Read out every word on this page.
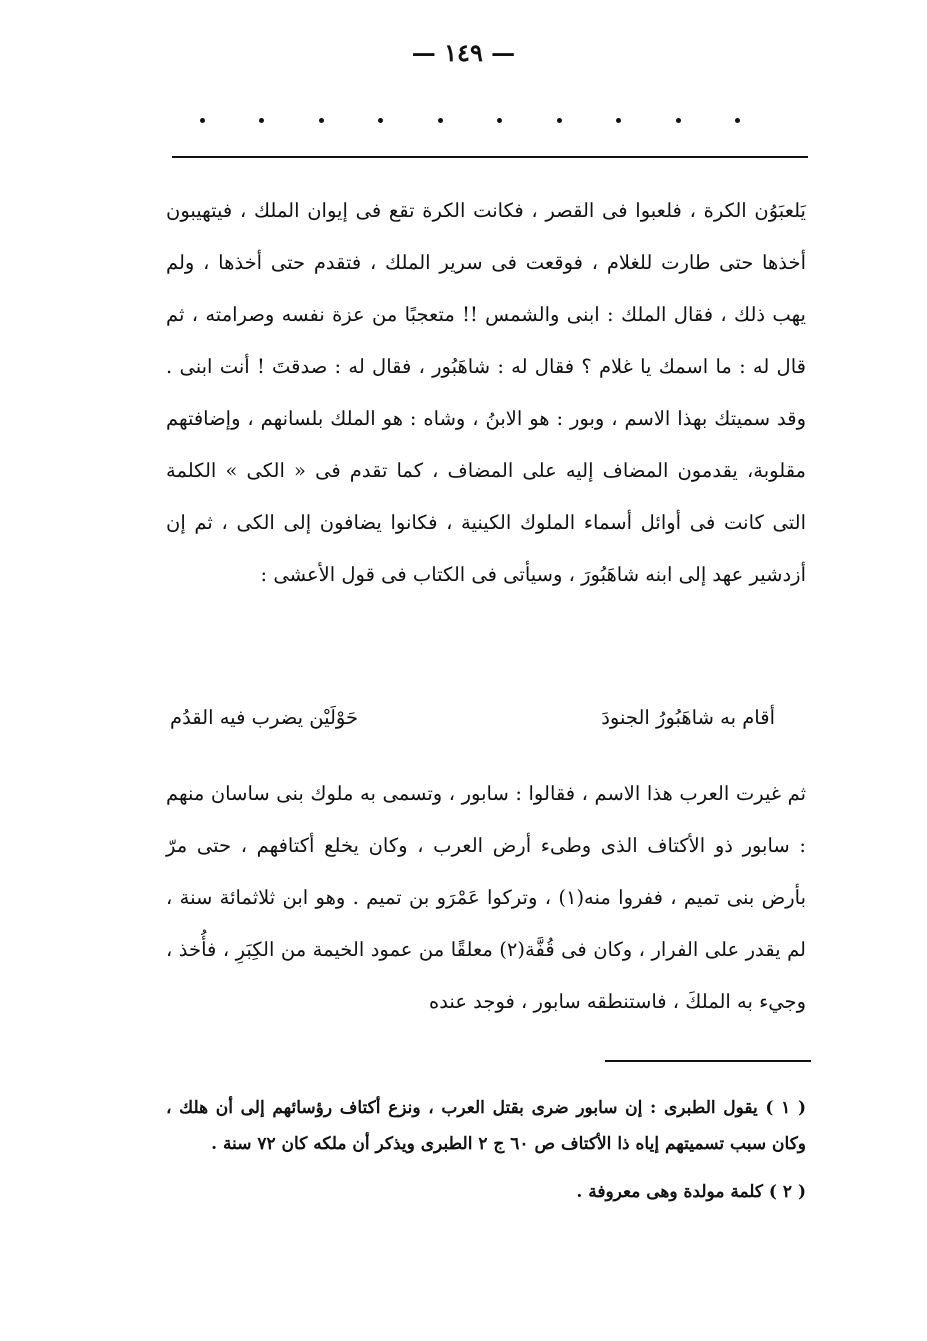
— ١٤٩ —

يَلعبَوُن الكرة ، فلعبوا فى القصر ، فكانت الكرة تقع فى إيوان الملك ، فيتهيبون أخذها حتى طارت للغلام ، فوقعت فى سرير الملك ، فتقدم حتى أخذها ، ولم يهب ذلك ، فقال الملك : ابنى والشمس !! متعجبًا من عزة نفسه وصرامته ، ثم قال له : ما اسمك يا غلام ؟ فقال له : شاهَبُور ، فقال له : صدقتَ ! أنت ابنى . وقد سميتك بهذا الاسم ، وبور : هو الابنُ ، وشاه : هو الملك بلسانهم ، وإضافتهم مقلوبة، يقدمون المضاف إليه على المضاف ، كما تقدم فى « الكى » الكلمة التى كانت فى أوائل أسماء الملوك الكينية ، فكانوا يضافون إلى الكى ، ثم إن أزدشير عهد إلى ابنه شاهَبُورَ ، وسيأتى فى الكتاب فى قول الأعشى :

أقام به شاهَبُورُ الجنودَ
حَوْلَيْن يضرب فيه القدُم

ثم غيرت العرب هذا الاسم ، فقالوا : سابور ، وتسمى به ملوك بنى ساسان منهم : سابور ذو الأكتاف الذى وطىء أرض العرب ، وكان يخلع أكتافهم ، حتى مرّ بأرض بنى تميم ، ففروا منه(١) ، وتركوا عَمْرَو بن تميم . وهو ابن ثلاثمائة سنة ، لم يقدر على الفرار ، وكان فى قُفَّة(٢) معلقًا من عمود الخيمة من الكِبَرِ ، فأُخذ ، وجيء به الملكَ ، فاستنطقه سابور ، فوجد عنده

( ١ ) يقول الطبرى : إن سابور ضرى بقتل العرب ، ونزع أكتاف رؤسائهم إلى أن هلك ، وكان سبب تسميتهم إياه ذا الأكتاف ص ٦٠ ج ٢ الطبرى ويذكر أن ملكه كان ٧٢ سنة .

( ٢ ) كلمة مولدة وهى معروفة .
